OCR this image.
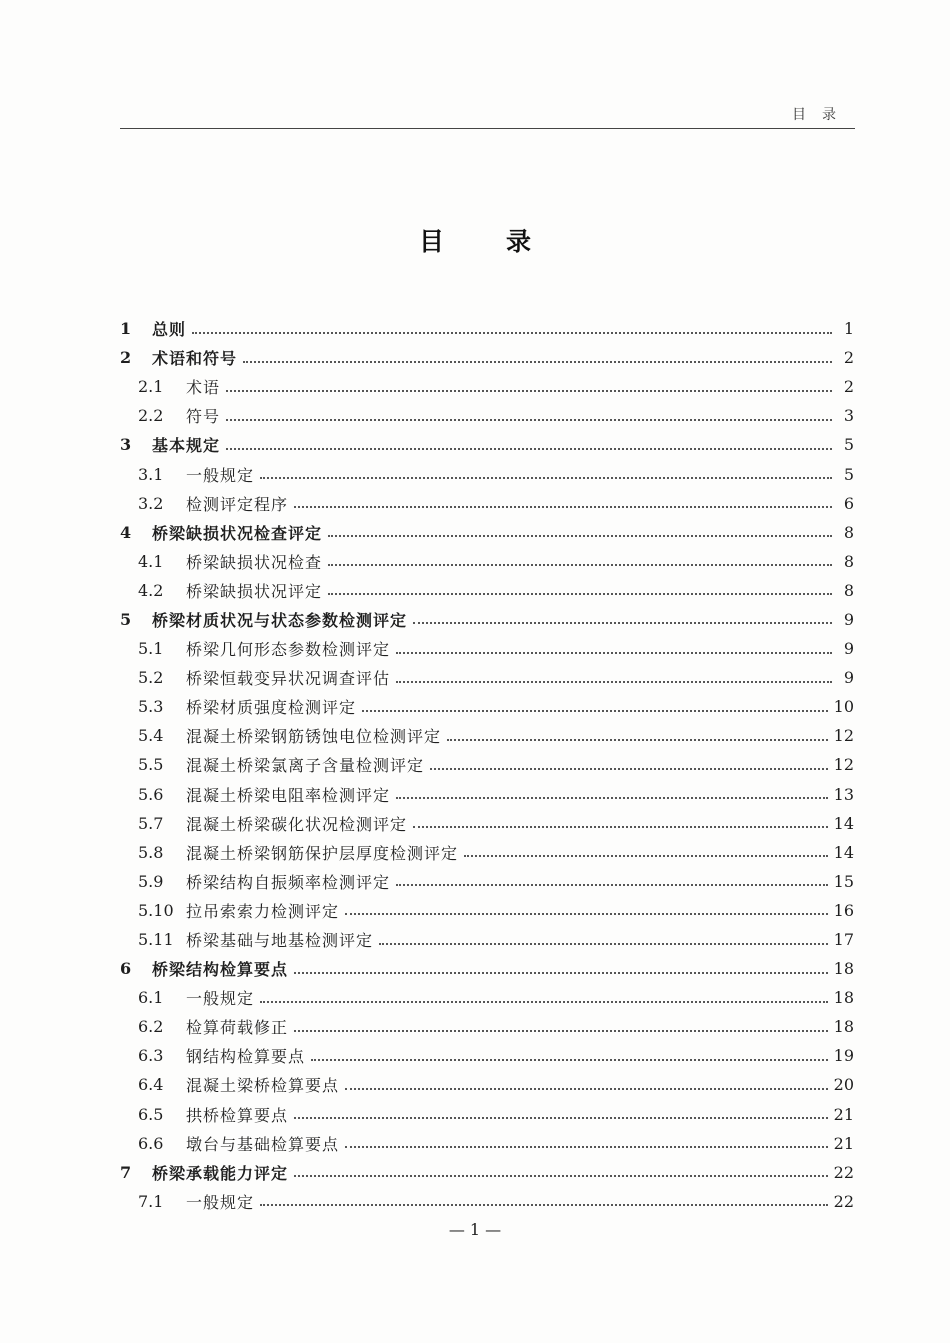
目录
目录
1	总则	1
2	术语和符号	2
2.1	术语	2
2.2	符号	3
3	基本规定	5
3.1	一般规定	5
3.2	检测评定程序	6
4	桥梁缺损状况检查评定	8
4.1	桥梁缺损状况检查	8
4.2	桥梁缺损状况评定	8
5	桥梁材质状况与状态参数检测评定	9
5.1	桥梁几何形态参数检测评定	9
5.2	桥梁恒载变异状况调查评估	9
5.3	桥梁材质强度检测评定	10
5.4	混凝土桥梁钢筋锈蚀电位检测评定	12
5.5	混凝土桥梁氯离子含量检测评定	12
5.6	混凝土桥梁电阻率检测评定	13
5.7	混凝土桥梁碳化状况检测评定	14
5.8	混凝土桥梁钢筋保护层厚度检测评定	14
5.9	桥梁结构自振频率检测评定	15
5.10 拉吊索索力检测评定	16
5.11 桥梁基础与地基检测评定	17
6	桥梁结构检算要点	18
6.1	一般规定	18
6.2	检算荷载修正	18
6.3	钢结构检算要点	19
6.4	混凝土梁桥检算要点	20
6.5	拱桥检算要点	21
6.6	墩台与基础检算要点	21
7	桥梁承载能力评定	22
7.1	一般规定	22
— 1 —
